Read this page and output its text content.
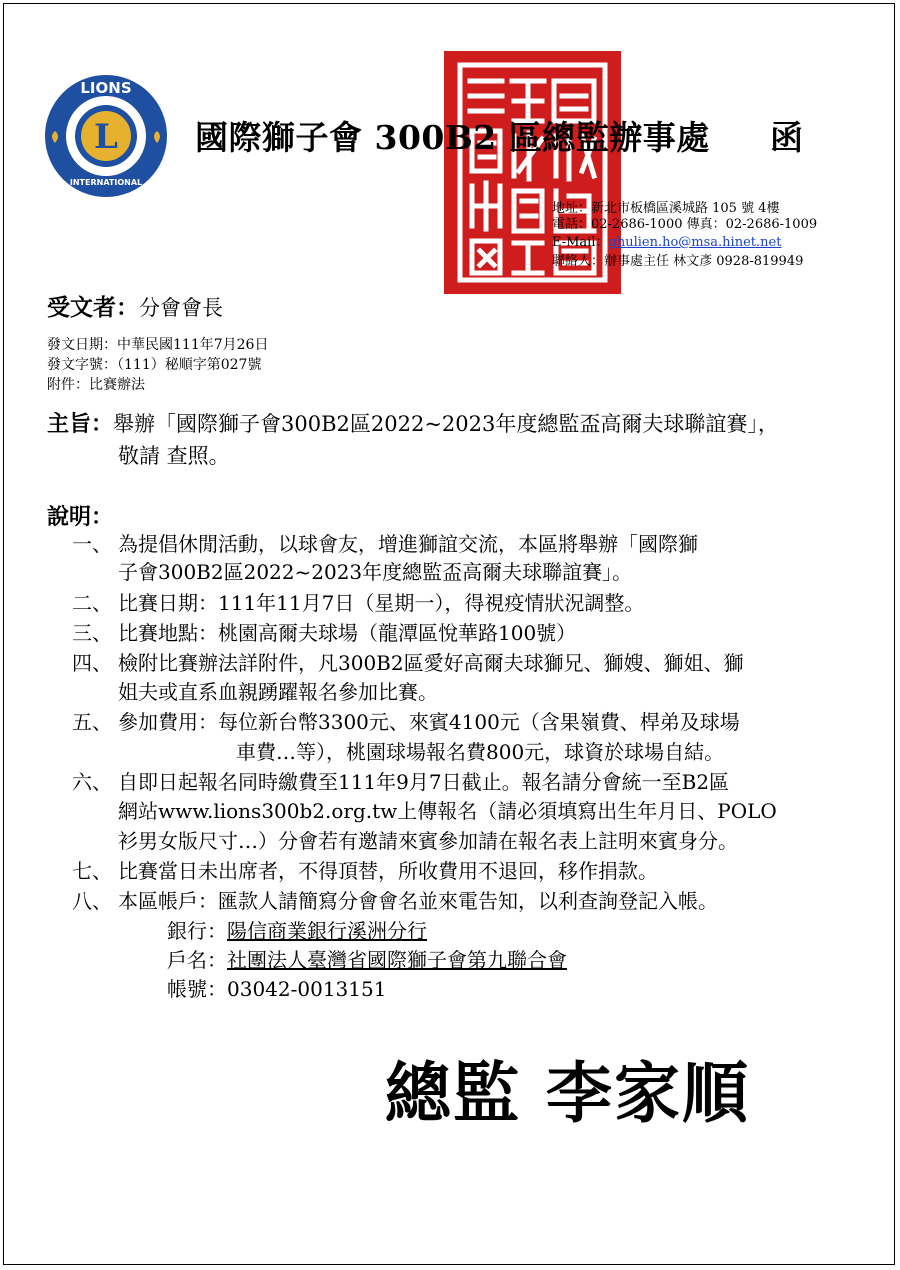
L
LIONS
INTERNATIONAL
國際獅子會 300B2 區總監辦事處 函
地址：新北市板橋區溪城路 105 號 4樓
電話：02-2686-1000 傳真：02-2686-1009
E-Mail：ghulien.ho@msa.hinet.net
聯絡人：辦事處主任 林文彥 0928-819949
受文者：分會會長
發文日期：中華民國111年7月26日
發文字號：（111）秘順字第027號
附件：比賽辦法
主旨：舉辦「國際獅子會300B2區2022~2023年度總監盃高爾夫球聯誼賽」，
敬請 查照。
說明：
一、 為提倡休閒活動，以球會友，增進獅誼交流，本區將舉辦「國際獅
子會300B2區2022~2023年度總監盃高爾夫球聯誼賽」。
二、 比賽日期：111年11月7日（星期一），得視疫情狀況調整。
三、 比賽地點：桃園高爾夫球場（龍潭區悅華路100號）
四、 檢附比賽辦法詳附件，凡300B2區愛好高爾夫球獅兄、獅嫂、獅姐、獅
姐夫或直系血親踴躍報名參加比賽。
五、 參加費用：每位新台幣3300元、來賓4100元（含果嶺費、桿弟及球場
車費…等），桃園球場報名費800元，球資於球場自結。
六、 自即日起報名同時繳費至111年9月7日截止。報名請分會統一至B2區
網站www.lions300b2.org.tw上傳報名（請必須填寫出生年月日、POLO
衫男女版尺寸…）分會若有邀請來賓參加請在報名表上註明來賓身分。
七、 比賽當日未出席者，不得頂替，所收費用不退回，移作捐款。
八、 本區帳戶：匯款人請簡寫分會會名並來電告知，以利查詢登記入帳。
銀行：陽信商業銀行溪洲分行
戶名：社團法人臺灣省國際獅子會第九聯合會
帳號：03042-0013151
總監 李家順
